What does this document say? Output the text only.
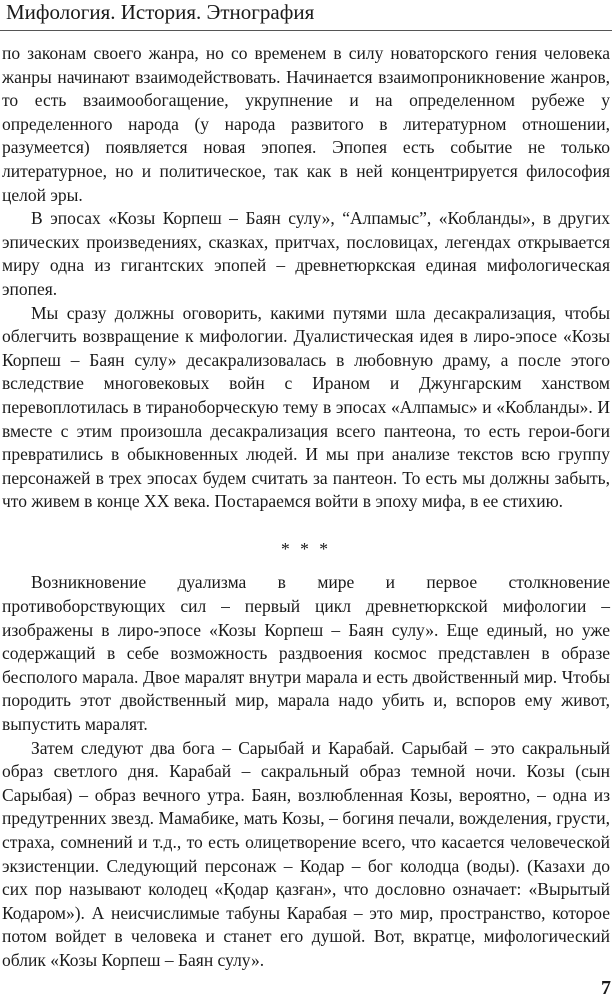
Мифология. История. Этнография

по законам своего жанра, но со временем в силу новаторского гения человека жанры начинают взаимодействовать. Начинается взаимопроникновение жанров, то есть взаимообогащение, укрупнение и на определенном рубеже у определенного народа (у народа развитого в литературном отношении, разумеется) появляется новая эпопея. Эпопея есть событие не только литературное, но и политическое, так как в ней концентрируется философия целой эры.

В эпосах «Козы Корпеш – Баян сулу», “Алпамыс”, «Кобланды», в других эпических произведениях, сказках, притчах, пословицах, легендах открывается миру одна из гигантских эпопей – древнетюркская единая мифологическая эпопея.

Мы сразу должны оговорить, какими путями шла десакрализация, чтобы облегчить возвращение к мифологии. Дуалистическая идея в лиро-эпосе «Козы Корпеш – Баян сулу» десакрализовалась в любовную драму, а после этого вследствие многовековых войн с Ираном и Джунгарским ханством перевоплотилась в тираноборческую тему в эпосах «Алпамыс» и «Кобланды». И вместе с этим произошла десакрализация всего пантеона, то есть герои-боги превратились в обыкновенных людей. И мы при анализе текстов всю группу персонажей в трех эпосах будем считать за пантеон. То есть мы должны забыть, что живем в конце XX века. Постараемся войти в эпоху мифа, в ее стихию.

* * *

Возникновение дуализма в мире и первое столкновение противоборствующих сил – первый цикл древнетюркской мифологии – изображены в лиро-эпосе «Козы Корпеш – Баян сулу». Еще единый, но уже содержащий в себе возможность раздвоения космос представлен в образе бесполого марала. Двое маралят внутри марала и есть двойственный мир. Чтобы породить этот двойственный мир, марала надо убить и, вспоров ему живот, выпустить маралят.

Затем следуют два бога – Сарыбай и Карабай. Сарыбай – это сакральный образ светлого дня. Карабай – сакральный образ темной ночи. Козы (сын Сарыбая) – образ вечного утра. Баян, возлюбленная Козы, вероятно, – одна из предутренних звезд. Мамабике, мать Козы, – богиня печали, вожделения, грусти, страха, сомнений и т.д., то есть олицетворение всего, что касается человеческой экзистенции. Следующий персонаж – Кодар – бог колодца (воды). (Казахи до сих пор называют колодец «Қодар қазған», что дословно означает: «Вырытый Кодаром»). А неисчислимые табуны Карабая – это мир, пространство, которое потом войдет в человека и станет его душой. Вот, вкратце, мифологический облик «Козы Корпеш – Баян сулу».

7
